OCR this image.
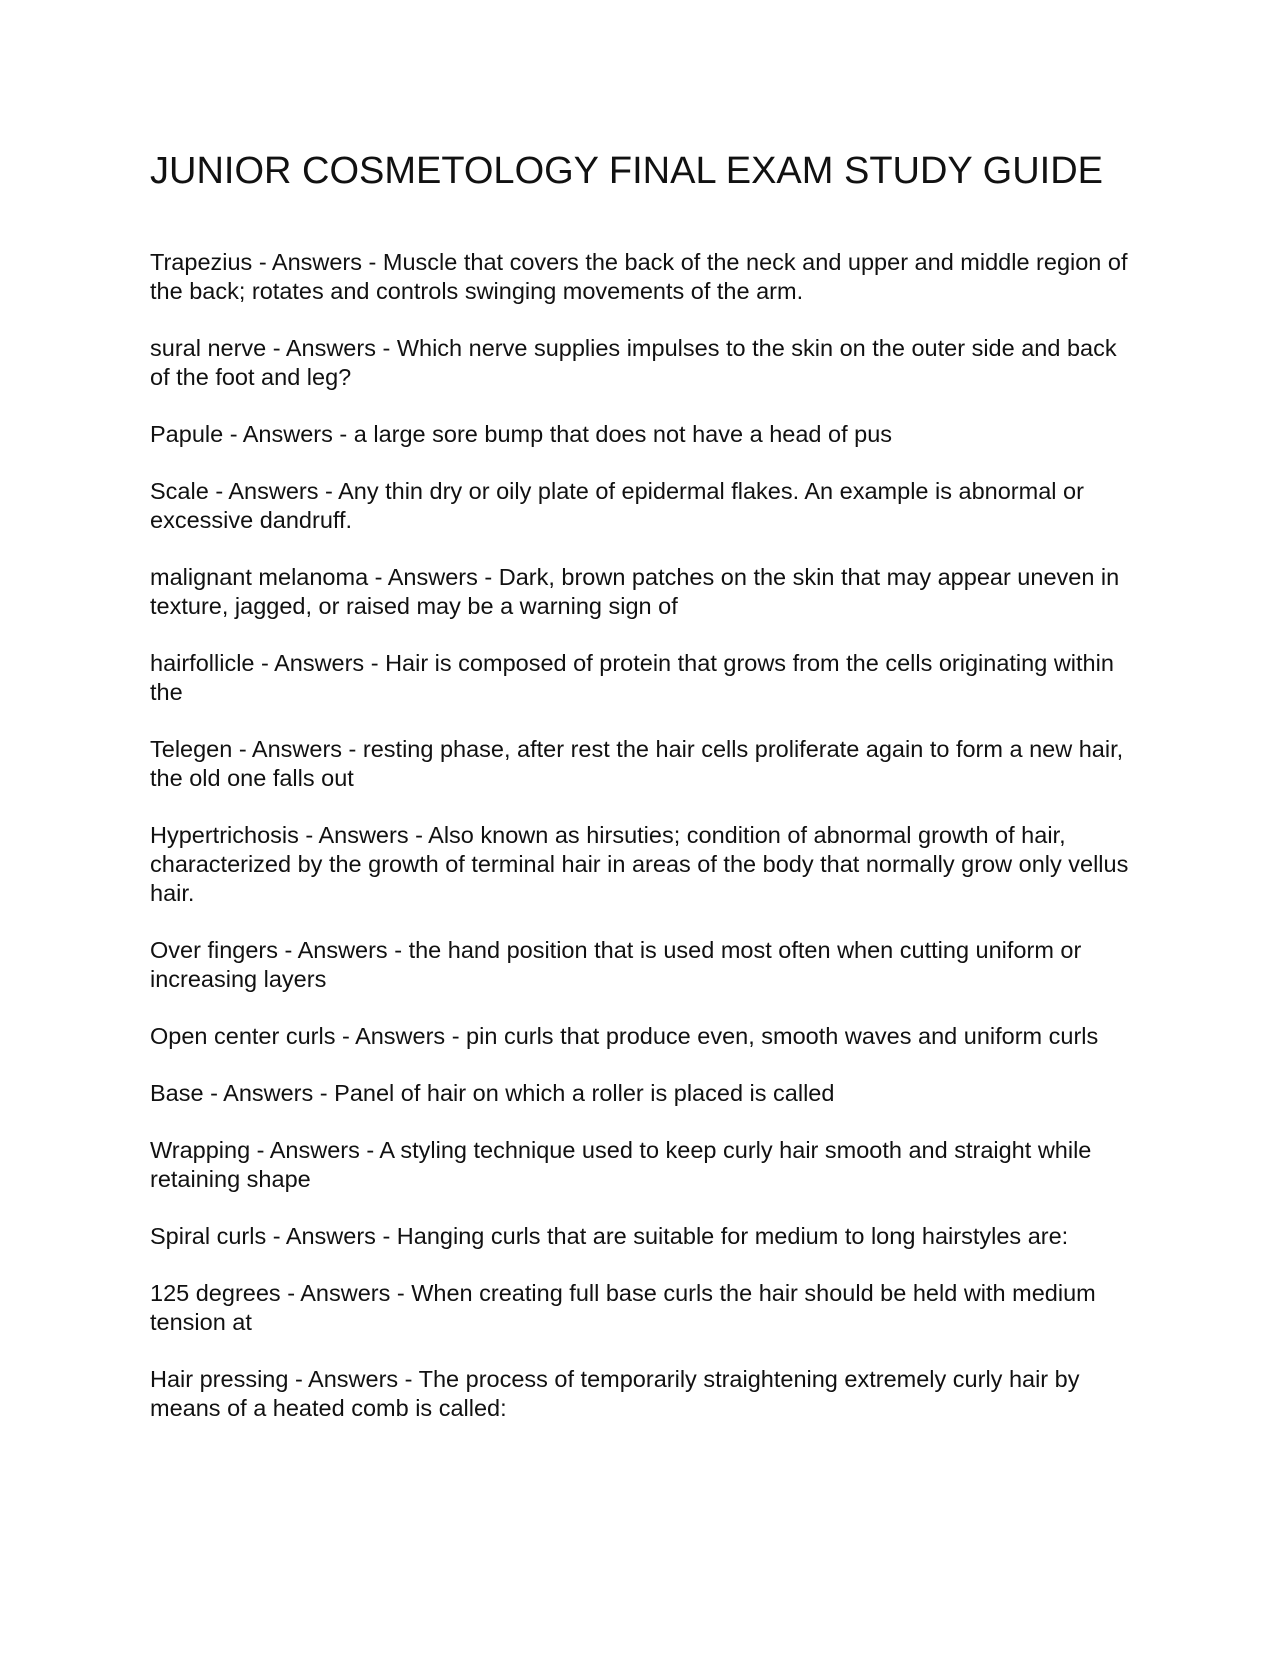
JUNIOR COSMETOLOGY FINAL EXAM STUDY GUIDE

Trapezius - Answers - Muscle that covers the back of the neck and upper and middle region of the back; rotates and controls swinging movements of the arm.

sural nerve - Answers - Which nerve supplies impulses to the skin on the outer side and back of the foot and leg?

Papule - Answers - a large sore bump that does not have a head of pus

Scale - Answers - Any thin dry or oily plate of epidermal flakes. An example is abnormal or excessive dandruff.

malignant melanoma - Answers - Dark, brown patches on the skin that may appear uneven in texture, jagged, or raised may be a warning sign of

hairfollicle - Answers - Hair is composed of protein that grows from the cells originating within the

Telegen - Answers - resting phase, after rest the hair cells proliferate again to form a new hair, the old one falls out

Hypertrichosis - Answers - Also known as hirsuties; condition of abnormal growth of hair, characterized by the growth of terminal hair in areas of the body that normally grow only vellus hair.

Over fingers - Answers - the hand position that is used most often when cutting uniform or increasing layers

Open center curls - Answers - pin curls that produce even, smooth waves and uniform curls

Base - Answers - Panel of hair on which a roller is placed is called

Wrapping - Answers - A styling technique used to keep curly hair smooth and straight while retaining shape

Spiral curls - Answers - Hanging curls that are suitable for medium to long hairstyles are:

125 degrees - Answers - When creating full base curls the hair should be held with medium tension at

Hair pressing - Answers - The process of temporarily straightening extremely curly hair by means of a heated comb is called:
